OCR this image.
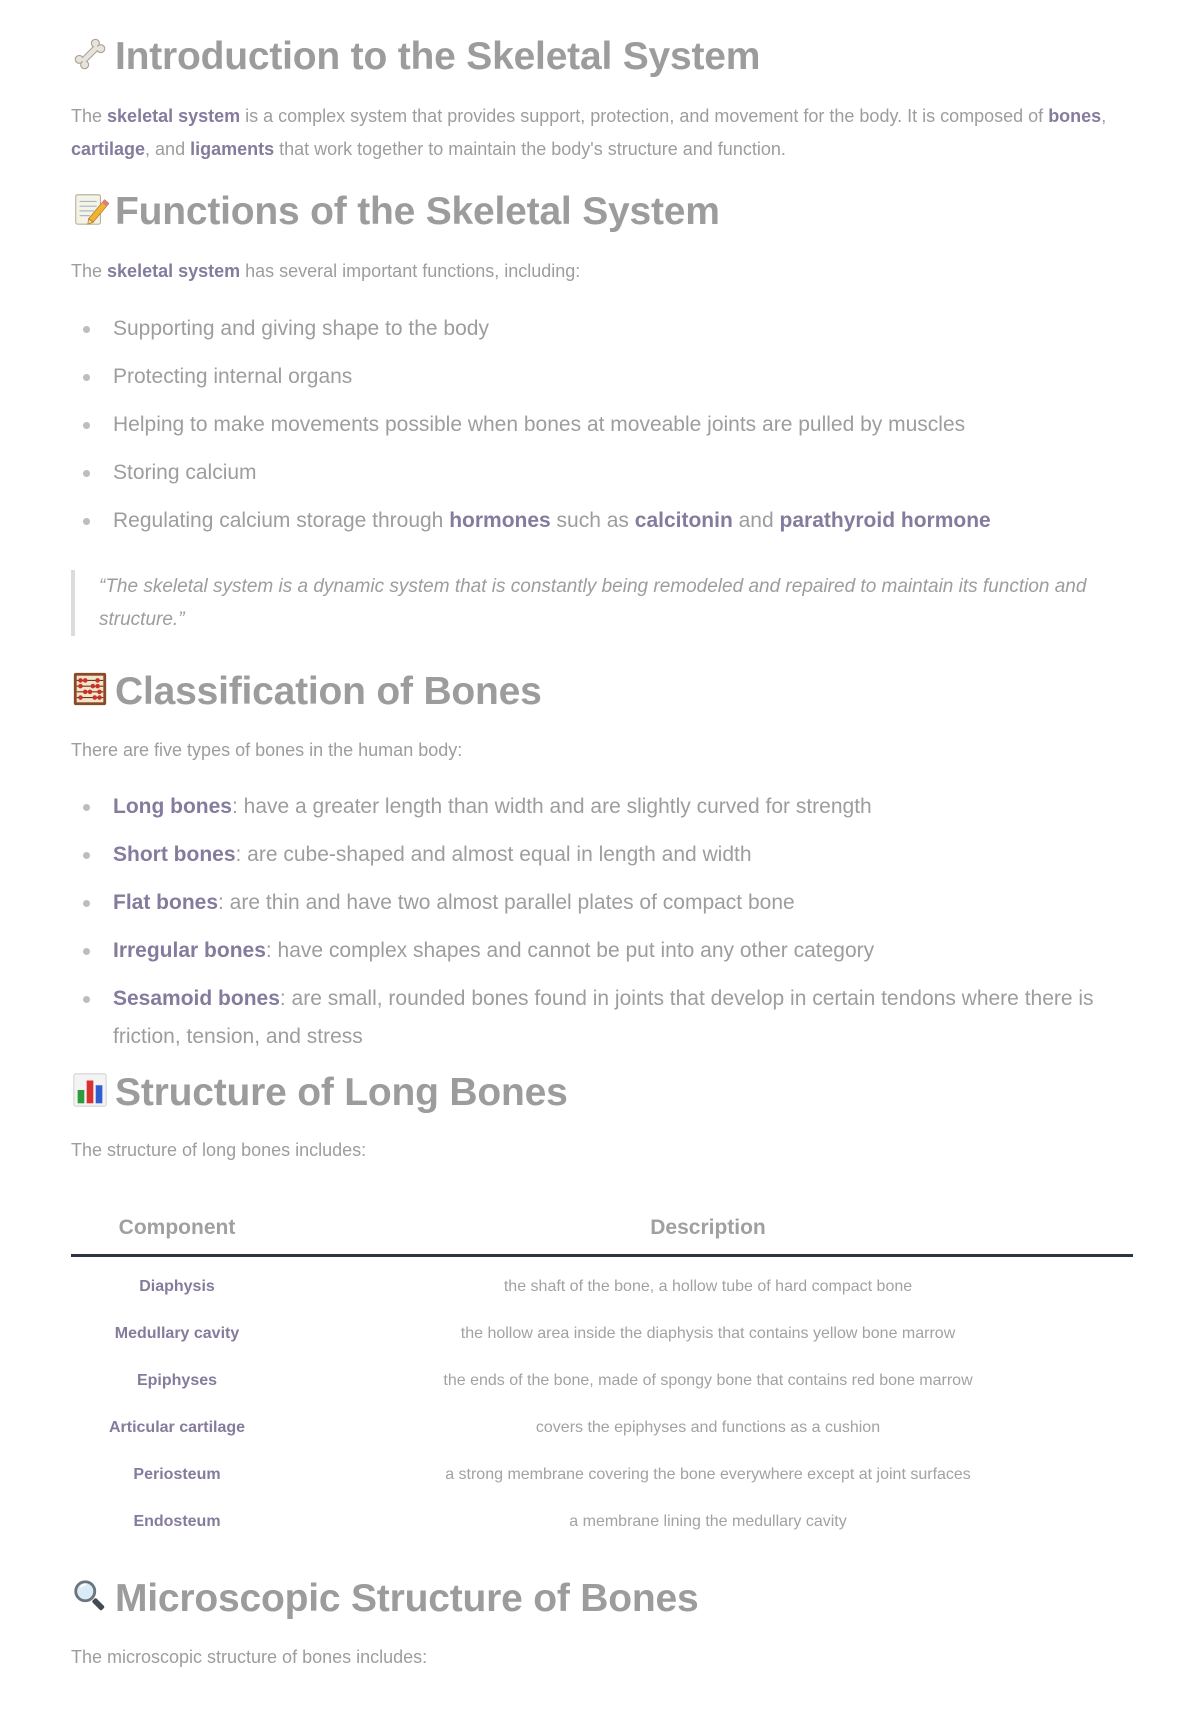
Introduction to the Skeletal System

The skeletal system is a complex system that provides support, protection, and movement for the body. It is composed of bones, cartilage, and ligaments that work together to maintain the body's structure and function.

Functions of the Skeletal System

The skeletal system has several important functions, including:

Supporting and giving shape to the body
Protecting internal organs
Helping to make movements possible when bones at moveable joints are pulled by muscles
Storing calcium
Regulating calcium storage through hormones such as calcitonin and parathyroid hormone
“The skeletal system is a dynamic system that is constantly being remodeled and repaired to maintain its function and structure.”
Classification of Bones

There are five types of bones in the human body:

Long bones: have a greater length than width and are slightly curved for strength
Short bones: are cube-shaped and almost equal in length and width
Flat bones: are thin and have two almost parallel plates of compact bone
Irregular bones: have complex shapes and cannot be put into any other category
Sesamoid bones: are small, rounded bones found in joints that develop in certain tendons where there is friction, tension, and stress
Structure of Long Bones

The structure of long bones includes:

Component	Description
Diaphysis	the shaft of the bone, a hollow tube of hard compact bone
Medullary cavity	the hollow area inside the diaphysis that contains yellow bone marrow
Epiphyses	the ends of the bone, made of spongy bone that contains red bone marrow
Articular cartilage	covers the epiphyses and functions as a cushion
Periosteum	a strong membrane covering the bone everywhere except at joint surfaces
Endosteum	a membrane lining the medullary cavity
Microscopic Structure of Bones

The microscopic structure of bones includes:
